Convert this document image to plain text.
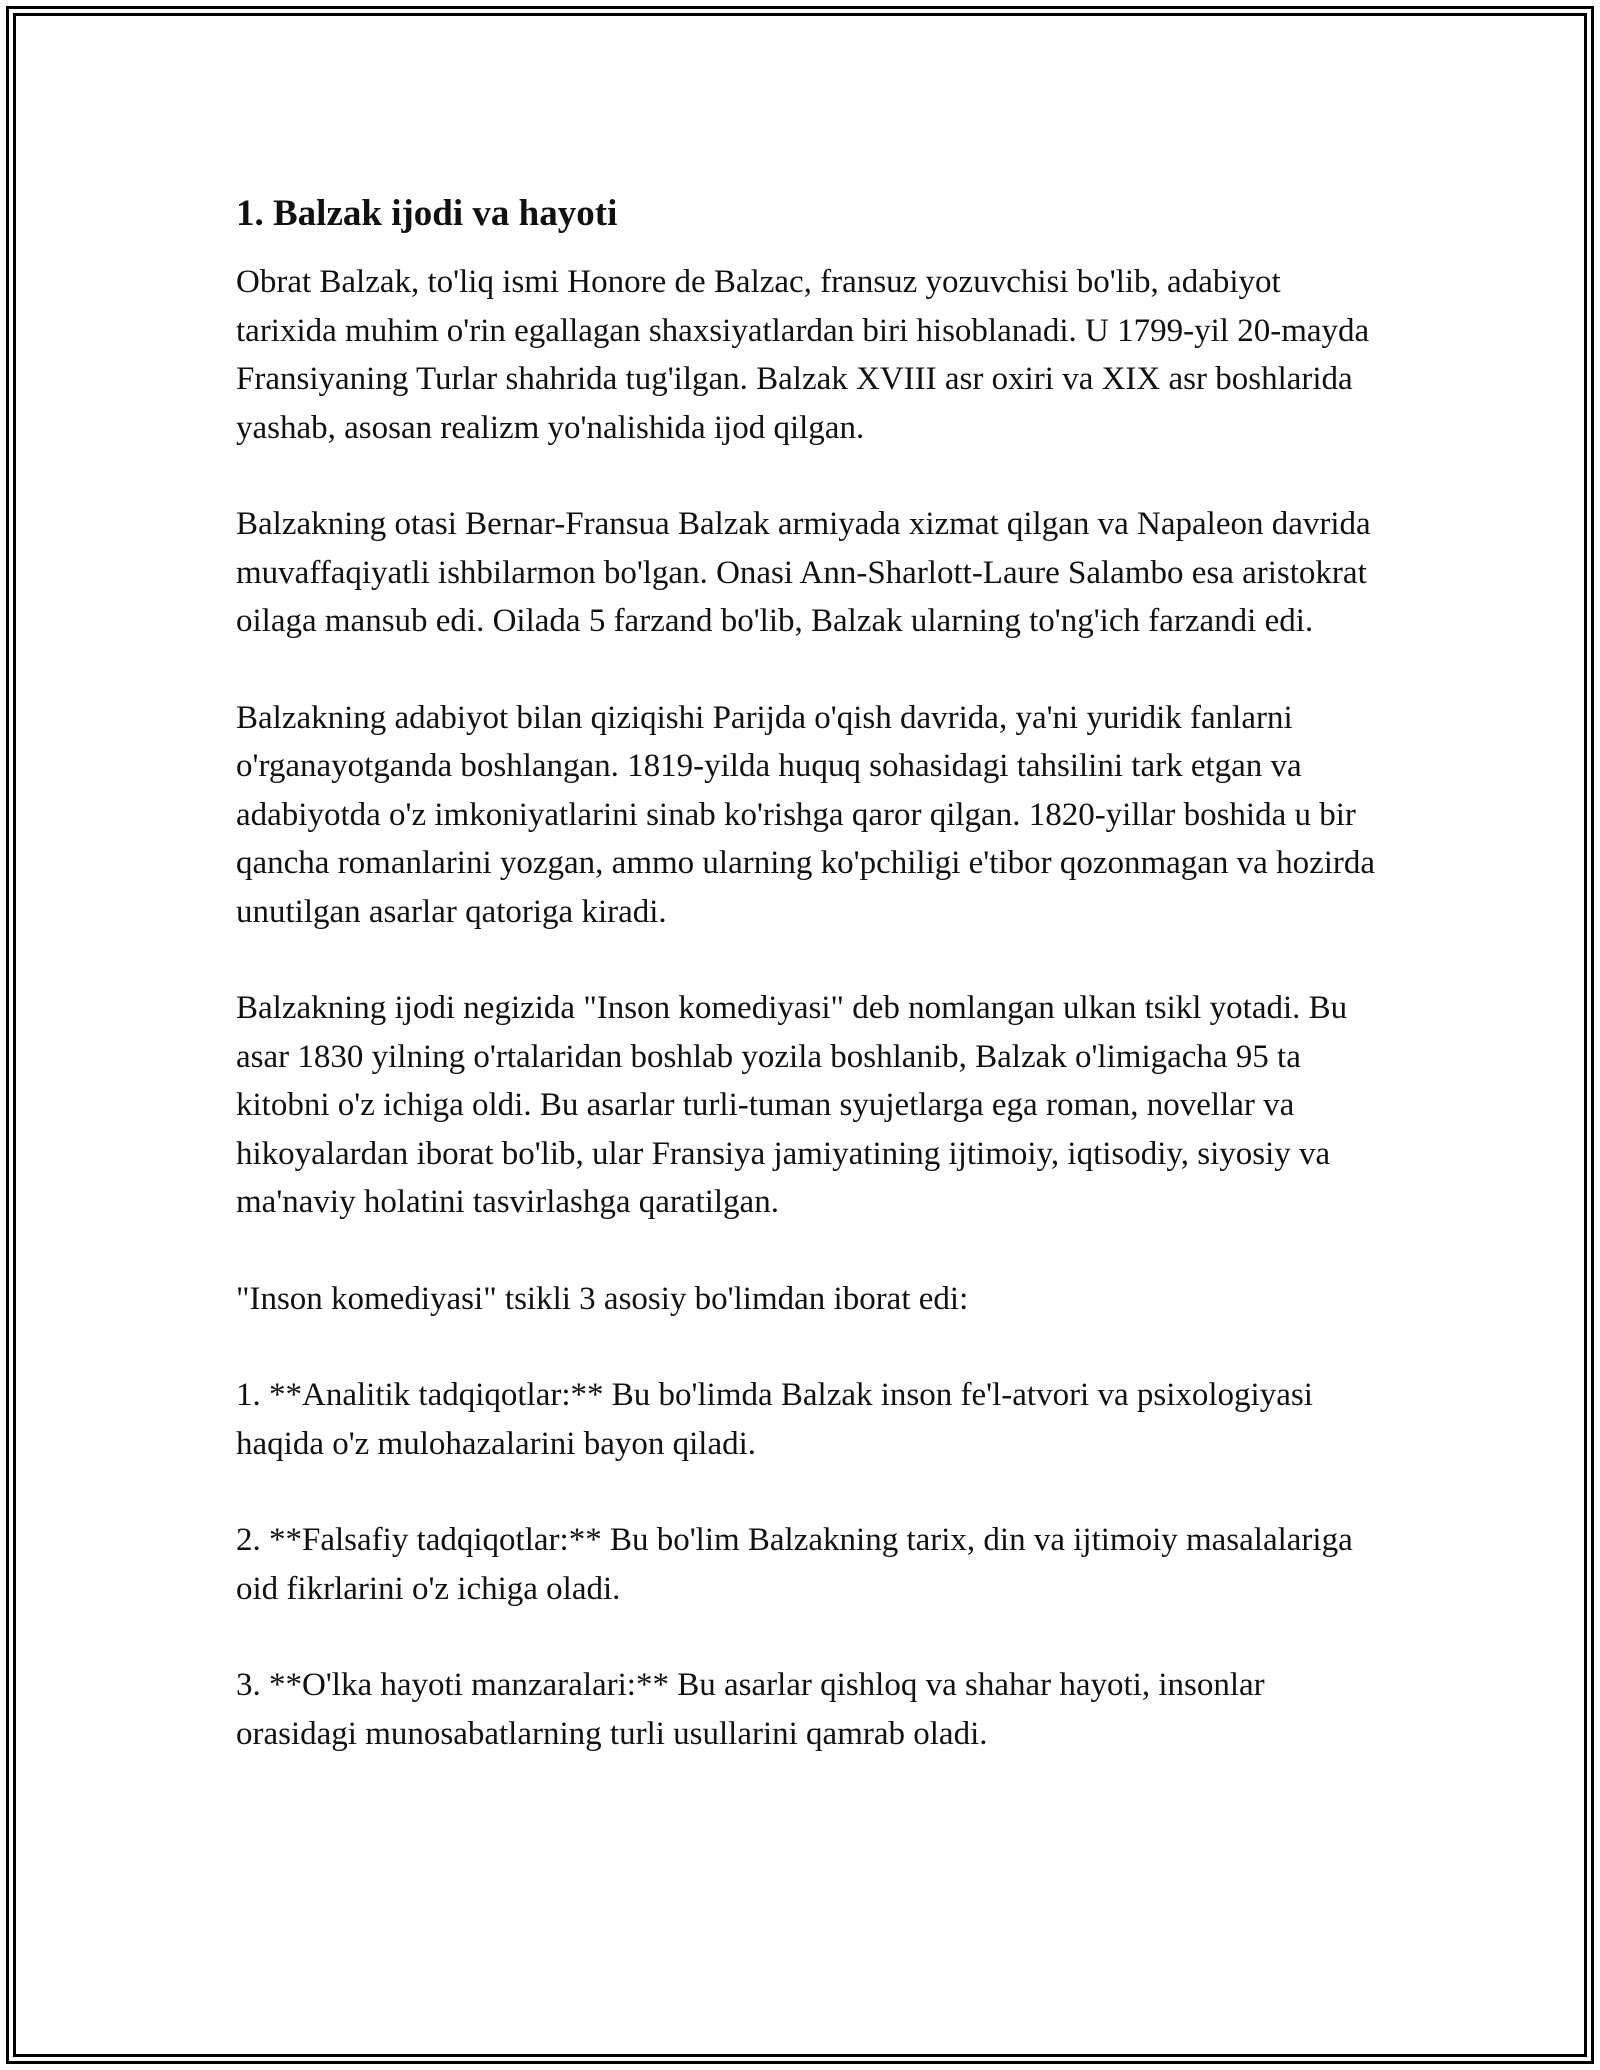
1. Balzak ijodi va hayoti

Obrat Balzak, to'liq ismi Honore de Balzac, fransuz yozuvchisi bo'lib, adabiyot tarixida muhim o'rin egallagan shaxsiyatlardan biri hisoblanadi. U 1799-yil 20-mayda Fransiyaning Turlar shahrida tug'ilgan. Balzak XVIII asr oxiri va XIX asr boshlarida yashab, asosan realizm yo'nalishida ijod qilgan.

Balzakning otasi Bernar-Fransua Balzak armiyada xizmat qilgan va Napaleon davrida muvaffaqiyatli ishbilarmon bo'lgan. Onasi Ann-Sharlott-Laure Salambo esa aristokrat oilaga mansub edi. Oilada 5 farzand bo'lib, Balzak ularning to'ng'ich farzandi edi.

Balzakning adabiyot bilan qiziqishi Parijda o'qish davrida, ya'ni yuridik fanlarni o'rganayotganda boshlangan. 1819-yilda huquq sohasidagi tahsilini tark etgan va adabiyotda o'z imkoniyatlarini sinab ko'rishga qaror qilgan. 1820-yillar boshida u bir qancha romanlarini yozgan, ammo ularning ko'pchiligi e'tibor qozonmagan va hozirda unutilgan asarlar qatoriga kiradi.

Balzakning ijodi negizida "Inson komediyasi" deb nomlangan ulkan tsikl yotadi. Bu asar 1830 yilning o'rtalaridan boshlab yozila boshlanib, Balzak o'limigacha 95 ta kitobni o'z ichiga oldi. Bu asarlar turli-tuman syujetlarga ega roman, novellar va hikoyalardan iborat bo'lib, ular Fransiya jamiyatining ijtimoiy, iqtisodiy, siyosiy va ma'naviy holatini tasvirlashga qaratilgan.

"Inson komediyasi" tsikli 3 asosiy bo'limdan iborat edi:

1. **Analitik tadqiqotlar:** Bu bo'limda Balzak inson fe'l-atvori va psixologiyasi haqida o'z mulohazalarini bayon qiladi.

2. **Falsafiy tadqiqotlar:** Bu bo'lim Balzakning tarix, din va ijtimoiy masalalariga oid fikrlarini o'z ichiga oladi.

3. **O'lka hayoti manzaralari:** Bu asarlar qishloq va shahar hayoti, insonlar orasidagi munosabatlarning turli usullarini qamrab oladi.
